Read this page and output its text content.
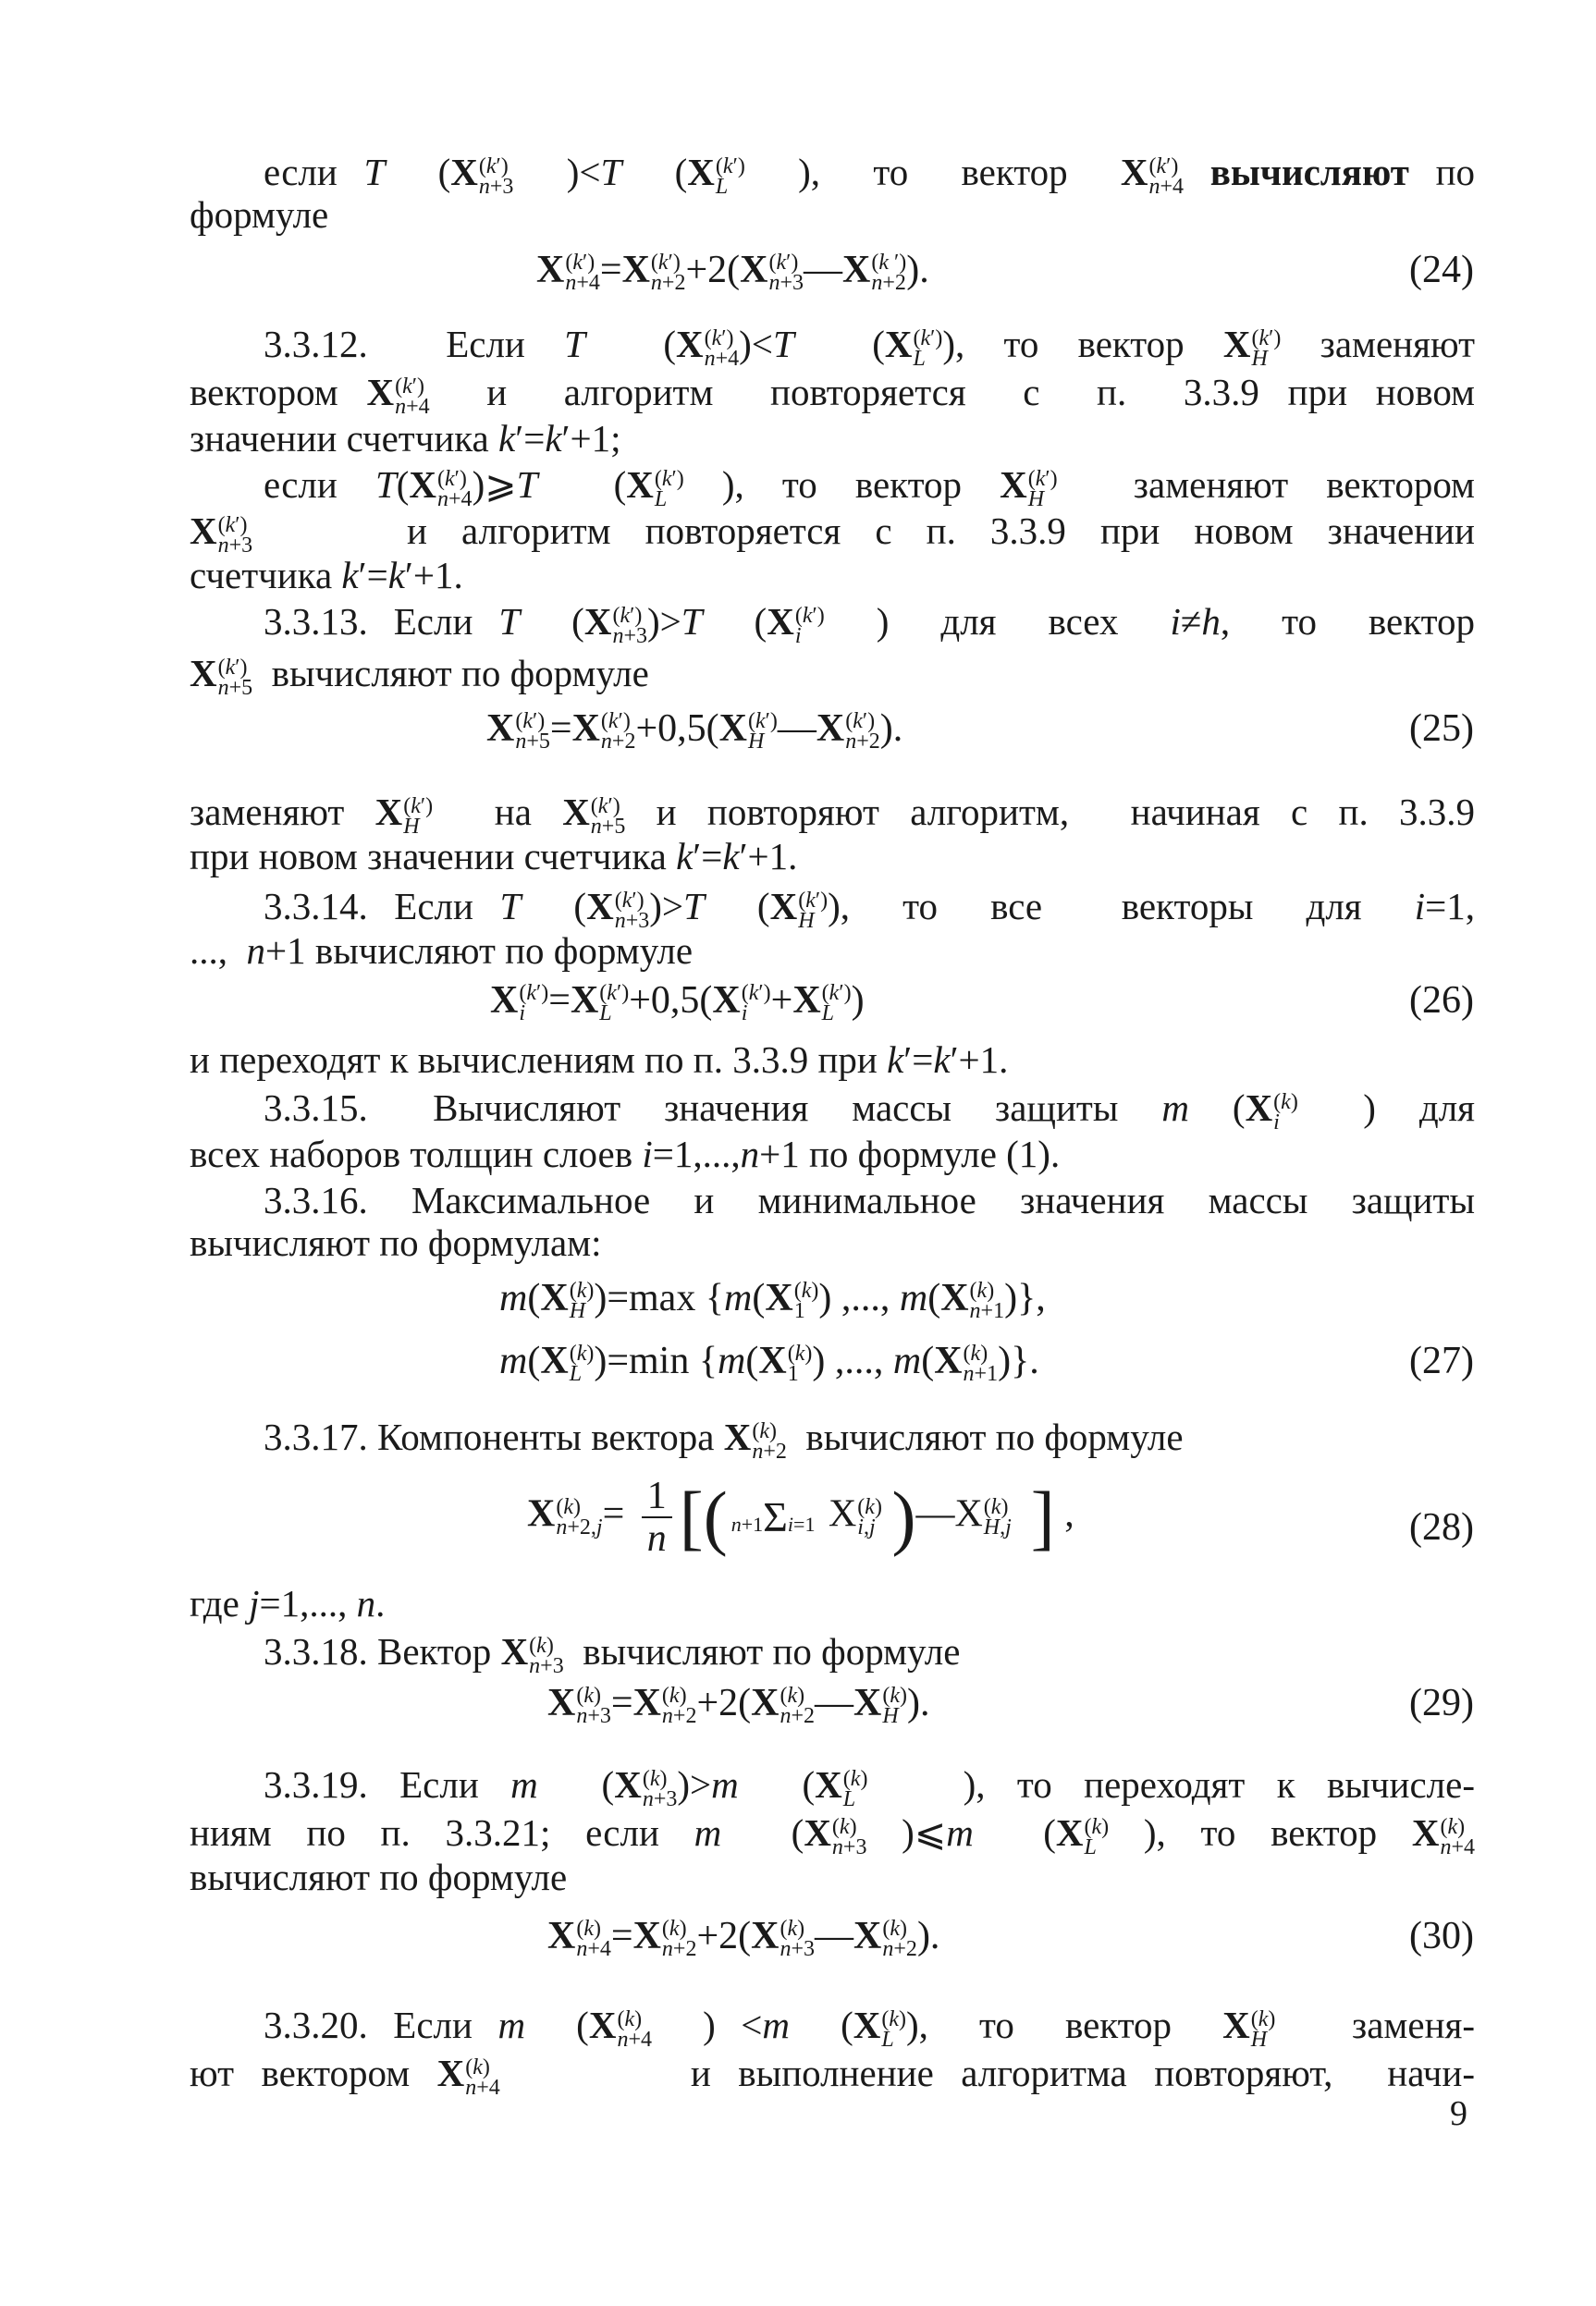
если T  (X (k′)
n+3 )<T  (X (k′)
L ),  то  вектор  X (k′)
n+4 вычисляют по
формуле
X (k′)
n+4 =X (k′)
n+2 +2(X (k′)
n+3 —X (k ′)
n+2 ).	(24)
3.3.12.  Если T  (X (k′)
n+4 )<T  (X (k′)
L ), то вектор X (k′)
H заменяют
вектором X (k′)
n+4 и  алгоритм  повторяется  с  п.  3.3.9 при новом
значении счетчика k′=k′+1;
если T(X (k′)
n+4 )⩾T  (X (k′)
L ), то вектор X (k′)
H заменяют вектором
X (k′)
n+3 и  алгоритм  повторяется  с  п.  3.3.9  при  новом  значении
счетчика k′=k′+1.
3.3.13. Если T  (X (k′)
n+3 )>T  (X (k′)
i )  для  всех  i≠h,  то  вектор
X (k′)
n+5 вычисляют по формуле
X (k′)
n+5 =X (k′)
n+2 +0,5(X (k′)
H —X (k′)
n+2 ).	(25)
заменяют X (k′)
H на X (k′)
n+5 и повторяют алгоритм,  начиная с п. 3.3.9
при новом значении счетчика k′=k′+1.
3.3.14. Если T  (X (k′)
n+3 )>T  (X (k′)
H ),  то  все   векторы  для  i=1,
...,  n+1 вычисляют по формуле
X (k′)
i =X (k′)
L +0,5(X (k′)
i +X (k′)
L )	(26)
и переходят к вычислениям по п. 3.3.9 при k′=k′+1.
3.3.15.   Вычисляют  значения  массы  защиты  m  (X (k)
i )  для
всех наборов толщин слоев i=1,...,n+1 по формуле (1).
3.3.16. Максимальное и минимальное значения массы защиты
вычисляют по формулам:
m(X (k)
H )=max {m(X (k)
1 ) ,..., m(X (k)
n+1 )},
m(X (k)
L )=min {m(X (k)
1 ) ,..., m(X (k)
n+1 )}.	(27)
3.3.17. Компоненты вектора X (k)
n+2 вычисляют по формуле
X (k)
$n+2,j = \frac{1}{n}$ [( n+1Σi=1 X (k)
i,j )—X (k)
H,j ] ,	(28)
где j=1,..., n.
3.3.18. Вектор X (k)
n+3 вычисляют по формуле
X (k)
n+3 =X (k)
n+2 +2(X (k)
n+2 —X (k)
H ).	(29)
3.3.19. Если m  (X (k)
n+3 )>m  (X (k)
L ), то переходят к вычисле-
ниям по п. 3.3.21; если m  (X (k)
n+3 )⩽m  (X (k)
L ), то вектор X (k)
n+4
вычисляют по формуле
X (k)
n+4 =X (k)
n+2 +2(X (k)
n+3 —X (k)
n+2 ).	(30)
3.3.20. Если m  (X (k)
n+4 ) <m  (X (k)
L ),  то  вектор  X (k)
H заменя-
ют вектором X (k)
n+4 и выполнение алгоритма повторяют,  начи-
9
